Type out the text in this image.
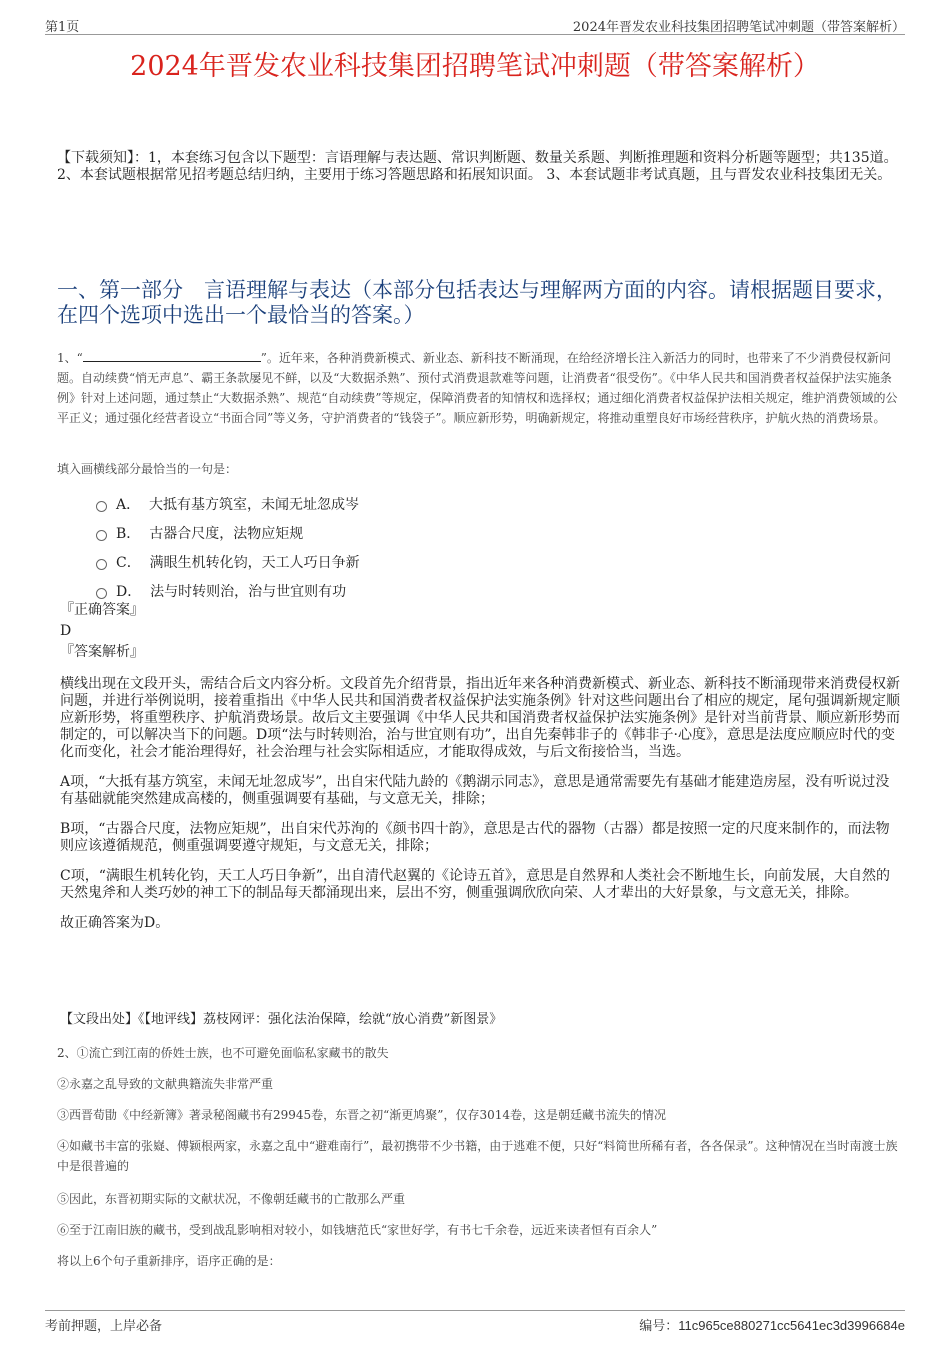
第1页	2024年晋发农业科技集团招聘笔试冲刺题（带答案解析）
2024年晋发农业科技集团招聘笔试冲刺题（带答案解析）
【下载须知】：1，本套练习包含以下题型：言语理解与表达题、常识判断题、数量关系题、判断推理题和资料分析题等题型；共135道。 2、本套试题根据常见招考题总结归纳，主要用于练习答题思路和拓展知识面。 3、本套试题非考试真题，且与晋发农业科技集团无关。
一、第一部分　言语理解与表达（本部分包括表达与理解两方面的内容。请根据题目要求，在四个选项中选出一个最恰当的答案。）
1、“	”。近年来，各种消费新模式、新业态、新科技不断涌现，在给经济增长注入新活力的同时，也带来了不少消费侵权新问题。自动续费“悄无声息”、霸王条款屡见不鲜，以及“大数据杀熟”、预付式消费退款难等问题，让消费者“很受伤”。《中华人民共和国消费者权益保护法实施条例》针对上述问题，通过禁止“大数据杀熟”、规范“自动续费”等规定，保障消费者的知情权和选择权；通过细化消费者权益保护法相关规定，维护消费领域的公平正义；通过强化经营者设立“书面合同”等义务，守护消费者的“钱袋子”。顺应新形势，明确新规定，将推动重塑良好市场经营秩序，护航火热的消费场景。
填入画横线部分最恰当的一句是：
A． 大抵有基方筑室，未闻无址忽成岑
B． 古器合尺度，法物应矩规
C． 满眼生机转化钧，天工人巧日争新
D． 法与时转则治，治与世宜则有功
『正确答案』
D
『答案解析』

横线出现在文段开头，需结合后文内容分析。文段首先介绍背景，指出近年来各种消费新模式、新业态、新科技不断涌现带来消费侵权新问题，并进行举例说明，接着重指出《中华人民共和国消费者权益保护法实施条例》针对这些问题出台了相应的规定，尾句强调新规定顺应新形势，将重塑秩序、护航消费场景。故后文主要强调《中华人民共和国消费者权益保护法实施条例》是针对当前背景、顺应新形势而制定的，可以解决当下的问题。D项“法与时转则治，治与世宜则有功”，出自先秦韩非子的《韩非子·心度》，意思是法度应顺应时代的变化而变化，社会才能治理得好，社会治理与社会实际相适应，才能取得成效，与后文衔接恰当，当选。

A项，“大抵有基方筑室，未闻无址忽成岑”，出自宋代陆九龄的《鹅湖示同志》，意思是通常需要先有基础才能建造房屋，没有听说过没有基础就能突然建成高楼的，侧重强调要有基础，与文意无关，排除；

B项，“古器合尺度，法物应矩规”，出自宋代苏洵的《颜书四十韵》，意思是古代的器物（古器）都是按照一定的尺度来制作的，而法物则应该遵循规范，侧重强调要遵守规矩，与文意无关，排除；

C项，“满眼生机转化钧，天工人巧日争新”，出自清代赵翼的《论诗五首》，意思是自然界和人类社会不断地生长，向前发展，大自然的天然鬼斧和人类巧妙的神工下的制品每天都涌现出来，层出不穷，侧重强调欣欣向荣、人才辈出的大好景象，与文意无关，排除。

故正确答案为D。

【文段出处】《【地评线】荔枝网评：强化法治保障，绘就“放心消费”新图景》
2、①流亡到江南的侨姓士族，也不可避免面临私家藏书的散失
②永嘉之乱导致的文献典籍流失非常严重
③西晋荀勖《中经新簿》著录秘阁藏书有29945卷，东晋之初“渐更鸠聚”，仅存3014卷，这是朝廷藏书流失的情况
④如藏书丰富的张嶷、傅颖根两家，永嘉之乱中“避难南行”，最初携带不少书籍，由于逃难不便，只好“料简世所稀有者，各各保录”。这种情况在当时南渡士族中是很普遍的
⑤因此，东晋初期实际的文献状况，不像朝廷藏书的亡散那么严重
⑥至于江南旧族的藏书，受到战乱影响相对较小，如钱塘范氏“家世好学，有书七千余卷，远近来读者恒有百余人”
将以上6个句子重新排序，语序正确的是：
考前押题，上岸必备	编号：11c965ce880271cc5641ec3d3996684e
